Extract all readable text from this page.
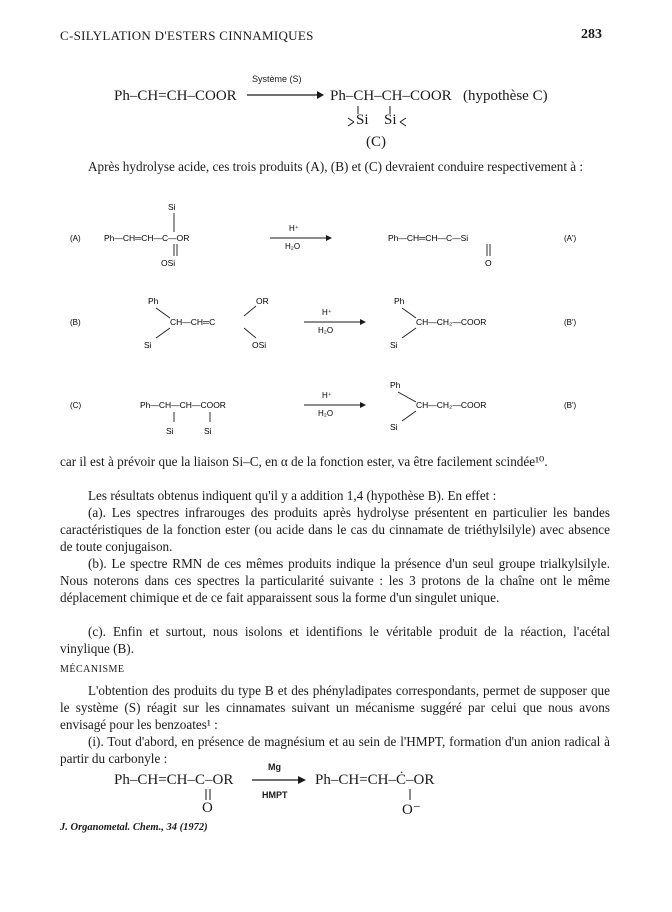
C-SILYLATION D'ESTERS CINNAMIQUES	283
Ph–CH=CH–COOR
Système (S)
Ph–CH–CH–COOR (hypothèse C)
Si Si
(C)

Après hydrolyse acide, ces trois produits (A), (B) et (C) devraient conduire respectivement à :

(A)	Ph—CH═CH—C—OR
Si
OSi
H⁺
H₂O
Ph—CH═CH—C—Si
O
(A')
(B)
Ph
CH—CH═C
OR
Si	OSi
H⁺
H₂O
Ph
CH—CH₂—COOR
Si
(B')
Ph
(C)	Ph—CH—CH—COOR
Si	Si
H⁺
H₂O
CH—CH₂—COOR
Si
(B')

car il est à prévoir que la liaison Si–C, en α de la fonction ester, va être facilement scindée¹⁰.

Les résultats obtenus indiquent qu'il y a addition 1,4 (hypothèse B). En effet :

(a). Les spectres infrarouges des produits après hydrolyse présentent en particulier les bandes caractéristiques de la fonction ester (ou acide dans le cas du cinnamate de triéthylsilyle) avec absence de toute conjugaison.

(b). Le spectre RMN de ces mêmes produits indique la présence d'un seul groupe trialkylsilyle. Nous noterons dans ces spectres la particularité suivante : les 3 protons de la chaîne ont le même déplacement chimique et de ce fait apparaissent sous la forme d'un singulet unique.

(c). Enfin et surtout, nous isolons et identifions le véritable produit de la réaction, l'acétal vinylique (B).

MÉCANISME

L'obtention des produits du type B et des phényladipates correspondants, permet de supposer que le système (S) réagit sur les cinnamates suivant un mécanisme suggéré par celui que nous avons envisagé pour les benzoates¹ :

(i). Tout d'abord, en présence de magnésium et au sein de l'HMPT, formation d'un anion radical à partir du carbonyle :

Ph–CH=CH–C–OR
O
Mg
HMPT
Ph–CH=CH–Ċ–OR
O⁻
J. Organometal. Chem., 34 (1972)
